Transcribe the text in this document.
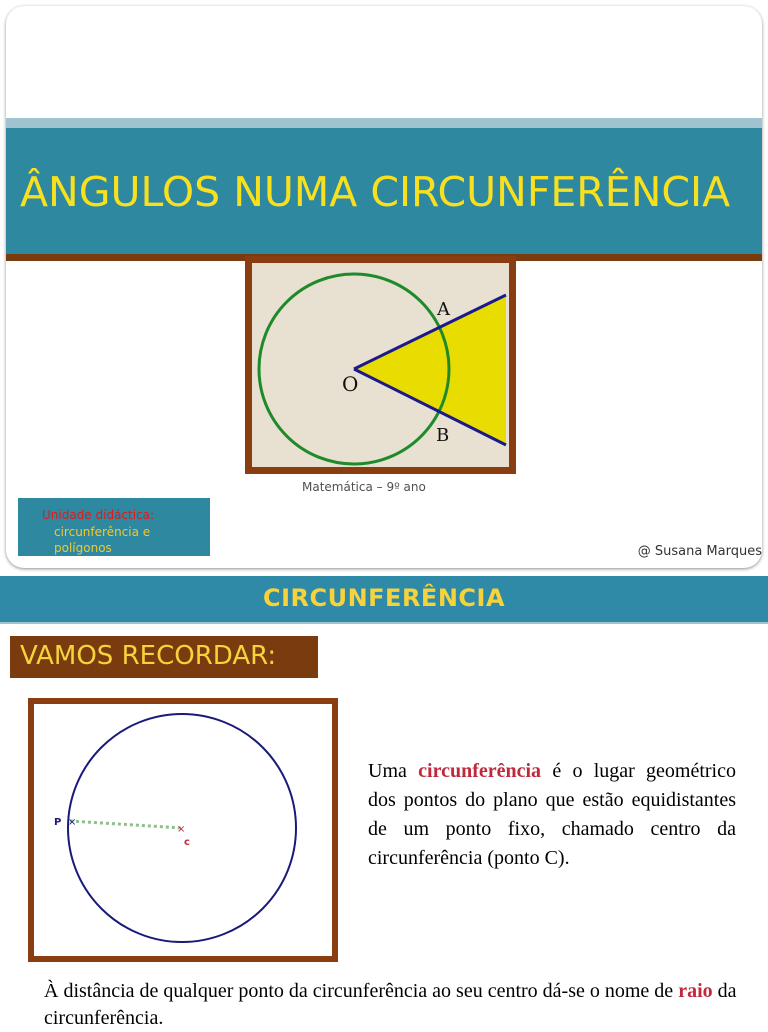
ÂNGULOS NUMA CIRCUNFERÊNCIA
O
A
B
Matemática – 9º ano
Unidade didáctica:
circunferência e polígonos	@ Susana Marques
CIRCUNFERÊNCIA
VAMOS RECORDAR:
×
×
P
c
Uma circunferência é o lugar geométrico dos pontos do plano que estão equidistantes de um ponto fixo, chamado centro da circunferência (ponto C).
À distância de qualquer ponto da circunferência ao seu centro dá-se o nome de raio da circunferência.
